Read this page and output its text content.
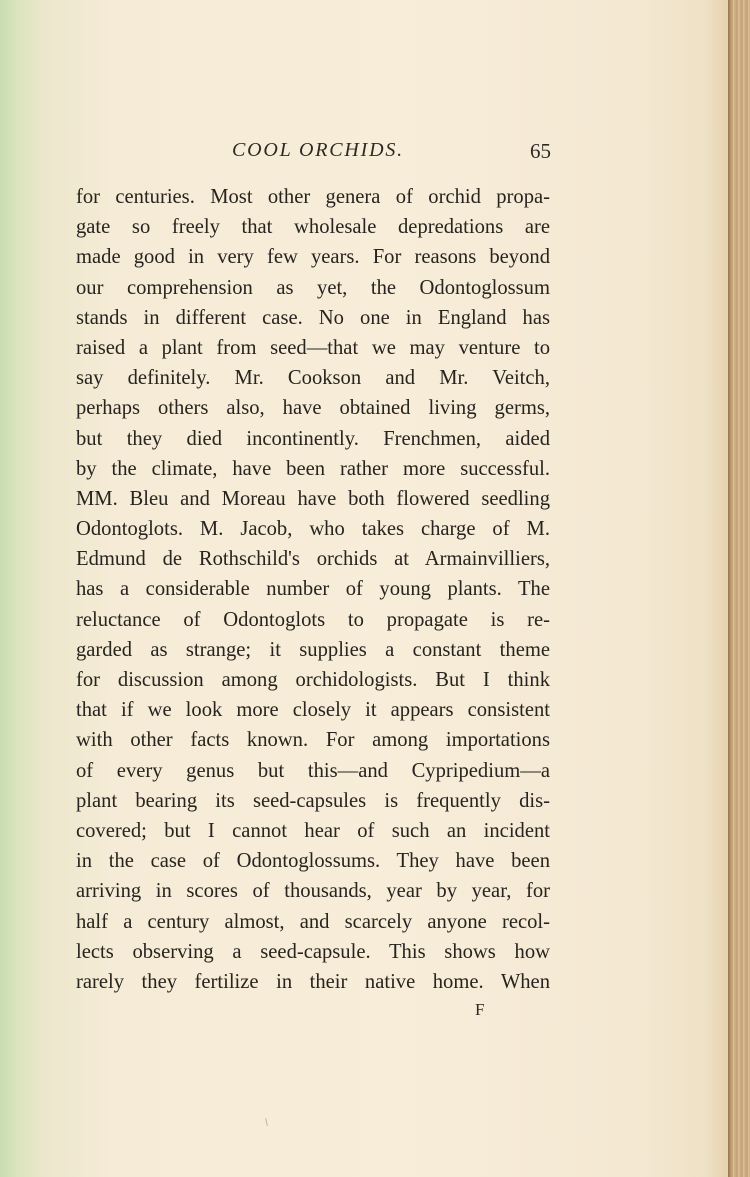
COOL ORCHIDS.	65
for centuries. Most other genera of orchid propa-
gate so freely that wholesale depredations are
made good in very few years. For reasons beyond
our comprehension as yet, the Odontoglossum
stands in different case. No one in England has
raised a plant from seed—that we may venture to
say definitely. Mr. Cookson and Mr. Veitch,
perhaps others also, have obtained living germs,
but they died incontinently. Frenchmen, aided
by the climate, have been rather more successful.
MM. Bleu and Moreau have both flowered seedling
Odontoglots. M. Jacob, who takes charge of M.
Edmund de Rothschild's orchids at Armainvilliers,
has a considerable number of young plants. The
reluctance of Odontoglots to propagate is re-
garded as strange; it supplies a constant theme
for discussion among orchidologists. But I think
that if we look more closely it appears consistent
with other facts known. For among importations
of every genus but this—and Cypripedium—a
plant bearing its seed-capsules is frequently dis-
covered; but I cannot hear of such an incident
in the case of Odontoglossums. They have been
arriving in scores of thousands, year by year, for
half a century almost, and scarcely anyone recol-
lects observing a seed-capsule. This shows how
rarely they fertilize in their native home. When
F
